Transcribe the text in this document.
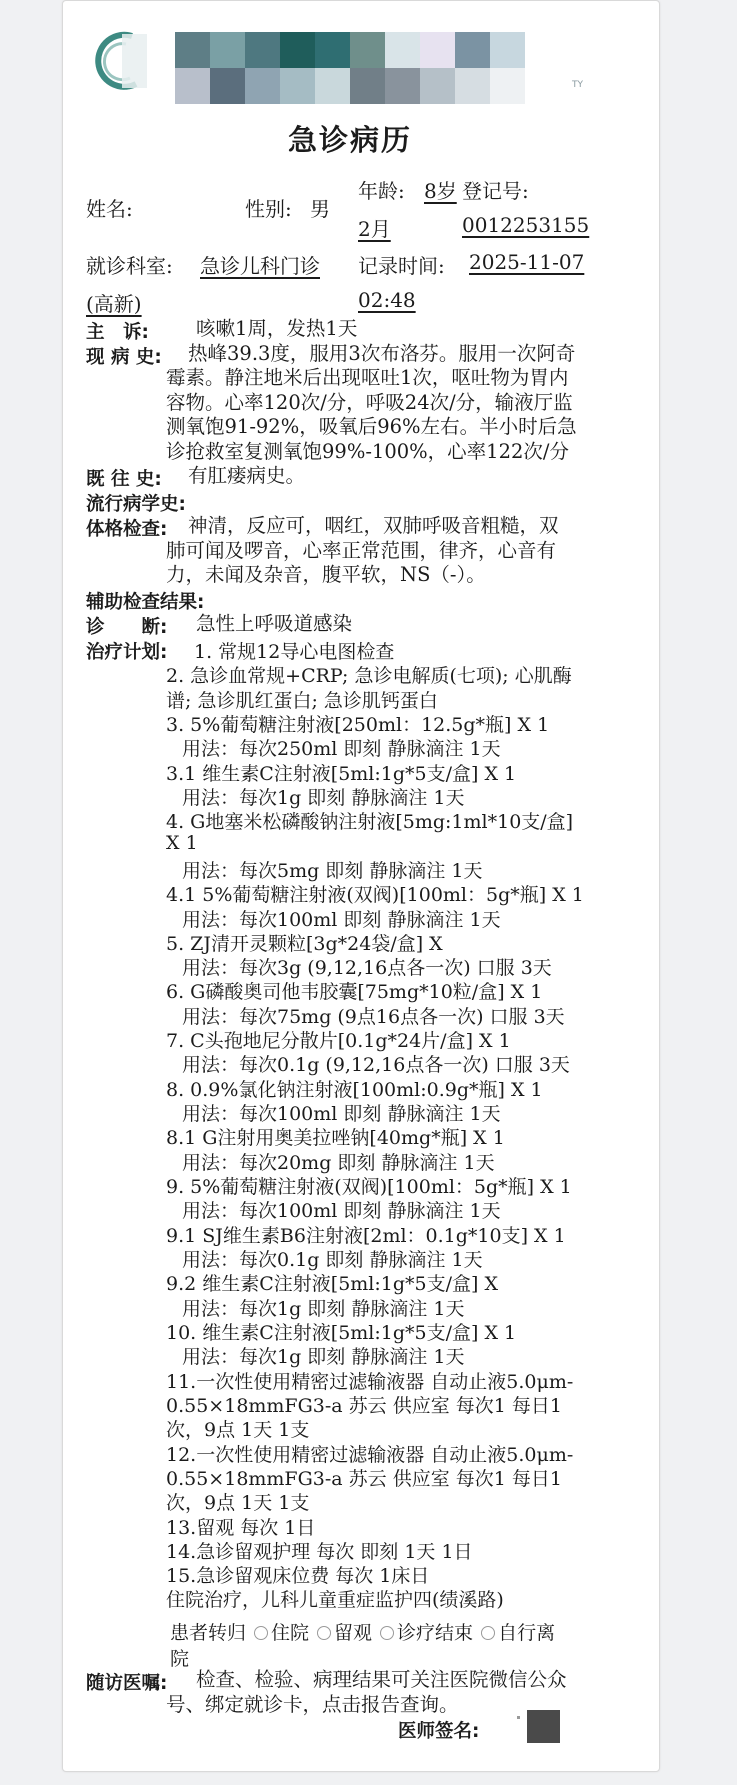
TY
急诊病历
姓名:	性别: 男
年龄: 8岁
2月
登记号:
0012253155
就诊科室: 急诊儿科门诊
(高新)
记录时间: 2025-11-07
02:48
主　诉: 咳嗽1周，发热1天
现 病 史: 热峰39.3度，服用3次布洛芬。服用一次阿奇
霉素。静注地米后出现呕吐1次，呕吐物为胃内
容物。心率120次/分，呼吸24次/分，输液厅监
测氧饱91-92%，吸氧后96%左右。半小时后急
诊抢救室复测氧饱99%-100%，心率122次/分
既 往 史: 有肛瘘病史。
流行病学史:
体格检查: 神清，反应可，咽红，双肺呼吸音粗糙，双
肺可闻及啰音，心率正常范围，律齐，心音有
力，未闻及杂音，腹平软，NS（-）。
辅助检查结果:
诊　　断: 急性上呼吸道感染
治疗计划: 1. 常规12导心电图检查
2. 急诊血常规+CRP; 急诊电解质(七项); 心肌酶
谱; 急诊肌红蛋白; 急诊肌钙蛋白
3. 5%葡萄糖注射液[250ml：12.5g*瓶] X 1
用法：每次250ml 即刻 静脉滴注 1天
3.1 维生素C注射液[5ml:1g*5支/盒] X 1
用法：每次1g 即刻 静脉滴注 1天
4. G地塞米松磷酸钠注射液[5mg:1ml*10支/盒]
X 1
用法：每次5mg 即刻 静脉滴注 1天
4.1 5%葡萄糖注射液(双阀)[100ml：5g*瓶] X 1
用法：每次100ml 即刻 静脉滴注 1天
5. ZJ清开灵颗粒[3g*24袋/盒] X
用法：每次3g (9,12,16点各一次) 口服 3天
6. G磷酸奥司他韦胶囊[75mg*10粒/盒] X 1
用法：每次75mg (9点16点各一次) 口服 3天
7. C头孢地尼分散片[0.1g*24片/盒] X 1
用法：每次0.1g (9,12,16点各一次) 口服 3天
8. 0.9%氯化钠注射液[100ml:0.9g*瓶] X 1
用法：每次100ml 即刻 静脉滴注 1天
8.1 G注射用奥美拉唑钠[40mg*瓶] X 1
用法：每次20mg 即刻 静脉滴注 1天
9. 5%葡萄糖注射液(双阀)[100ml：5g*瓶] X 1
用法：每次100ml 即刻 静脉滴注 1天
9.1 SJ维生素B6注射液[2ml：0.1g*10支] X 1
用法：每次0.1g 即刻 静脉滴注 1天
9.2 维生素C注射液[5ml:1g*5支/盒] X
用法：每次1g 即刻 静脉滴注 1天
10. 维生素C注射液[5ml:1g*5支/盒] X 1
用法：每次1g 即刻 静脉滴注 1天
11.一次性使用精密过滤输液器 自动止液5.0μm-
0.55×18mmFG3-a 苏云 供应室 每次1 每日1
次，9点 1天 1支
12.一次性使用精密过滤输液器 自动止液5.0μm-
0.55×18mmFG3-a 苏云 供应室 每次1 每日1
次，9点 1天 1支
13.留观 每次 1日
14.急诊留观护理 每次 即刻 1天 1日
15.急诊留观床位费 每次 1床日
住院治疗，儿科儿童重症监护四(绩溪路)
患者转归 住院 留观 诊疗结束 自行离
院
随访医嘱: 检查、检验、病理结果可关注医院微信公众
号、绑定就诊卡，点击报告查询。
医师签名:
